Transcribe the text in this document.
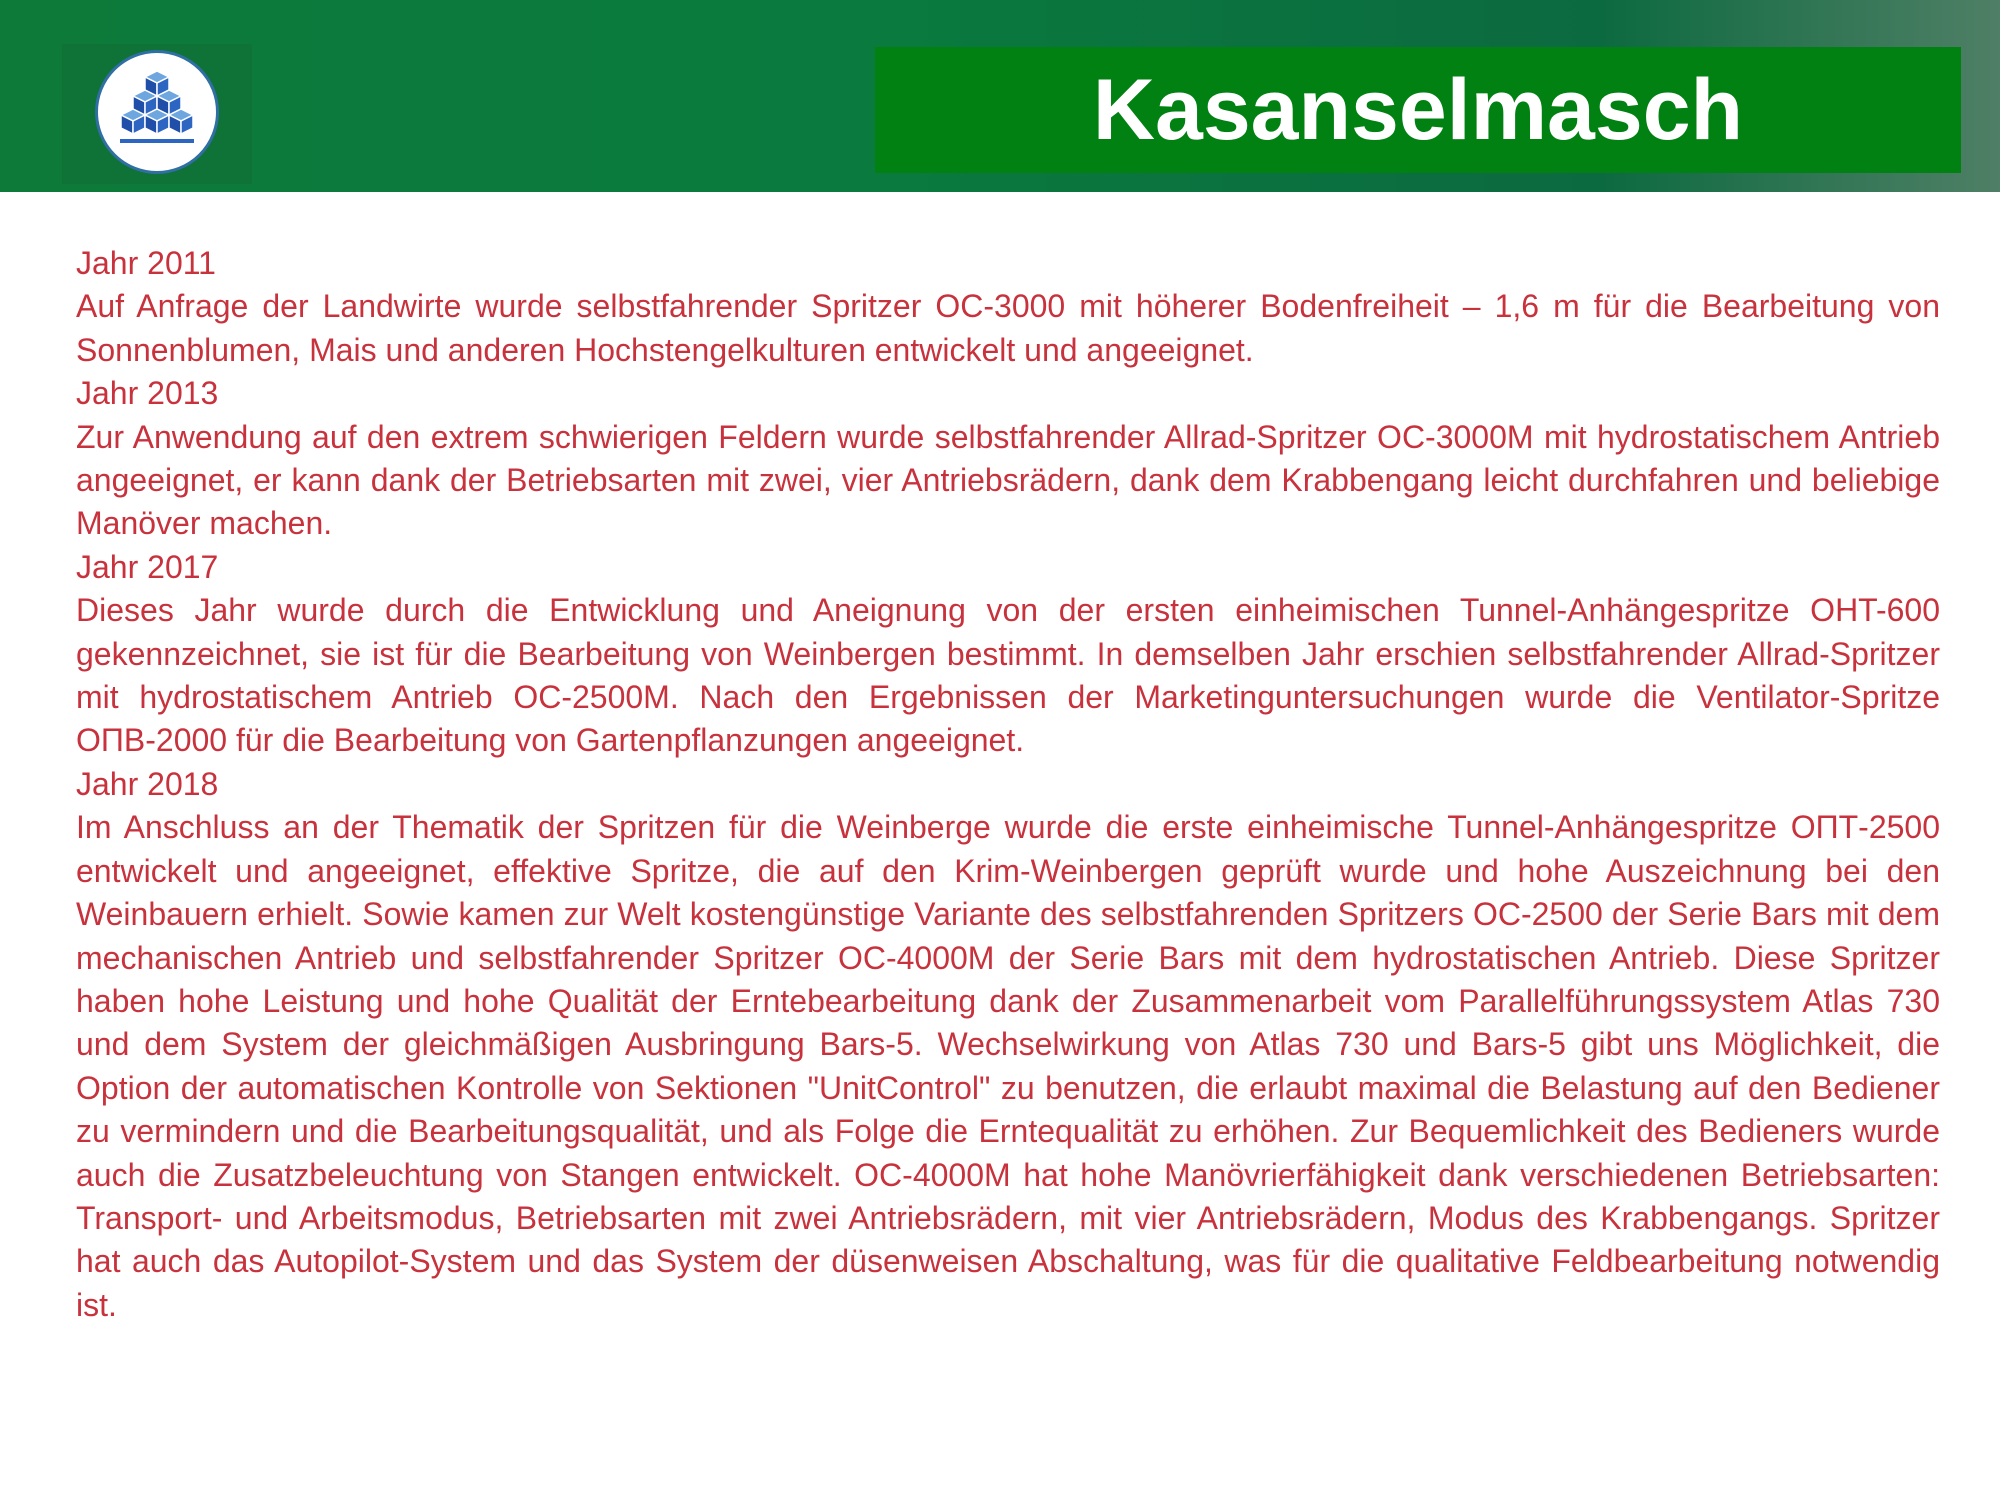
Kasanselmasch

Jahr 2011

Auf Anfrage der Landwirte wurde selbstfahrender Spritzer OC-3000 mit höherer Bodenfreiheit – 1,6 m für die Bearbeitung von Sonnenblumen, Mais und anderen Hochstengelkulturen entwickelt und angeeignet.

Jahr 2013

Zur Anwendung auf den extrem schwierigen Feldern wurde selbstfahrender Allrad-Spritzer OC-3000M mit hydrostatischem Antrieb angeeignet, er kann dank der Betriebsarten mit zwei, vier Antriebsrädern, dank dem Krabbengang leicht durchfahren und beliebige Manöver machen.

Jahr 2017

Dieses Jahr wurde durch die Entwicklung und Aneignung von der ersten einheimischen Tunnel-Anhängespritze OHT-600 gekennzeichnet, sie ist für die Bearbeitung von Weinbergen bestimmt. In demselben Jahr erschien selbstfahrender Allrad-Spritzer mit hydrostatischem Antrieb OC-2500M. Nach den Ergebnissen der Marketinguntersuchungen wurde die Ventilator-Spritze ОПВ-2000 für die Bearbeitung von Gartenpflanzungen angeeignet.

Jahr 2018

Im Anschluss an der Thematik der Spritzen für die Weinberge wurde die erste einheimische Tunnel-Anhängespritze ОПТ-2500 entwickelt und angeeignet, effektive Spritze, die auf den Krim-Weinbergen geprüft wurde und hohe Auszeichnung bei den Weinbauern erhielt. Sowie kamen zur Welt kostengünstige Variante des selbstfahrenden Spritzers OC-2500 der Serie Bars mit dem mechanischen Antrieb und selbstfahrender Spritzer OC-4000M der Serie Bars mit dem hydrostatischen Antrieb. Diese Spritzer haben hohe Leistung und hohe Qualität der Erntebearbeitung dank der Zusammenarbeit vom Parallelführungssystem Atlas 730 und dem System der gleichmäßigen Ausbringung Bars-5. Wechselwirkung von Atlas 730 und Bars-5 gibt uns Möglichkeit, die Option der automatischen Kontrolle von Sektionen "UnitControl" zu benutzen, die erlaubt maximal die Belastung auf den Bediener zu vermindern und die Bearbeitungsqualität, und als Folge die Erntequalität zu erhöhen. Zur Bequemlichkeit des Bedieners wurde auch die Zusatzbeleuchtung von Stangen entwickelt. OC-4000M hat hohe Manövrierfähigkeit dank verschiedenen Betriebsarten: Transport- und Arbeitsmodus, Betriebsarten mit zwei Antriebsrädern, mit vier Antriebsrädern, Modus des Krabbengangs. Spritzer hat auch das Autopilot-System und das System der düsenweisen Abschaltung, was für die qualitative Feldbearbeitung notwendig ist.
